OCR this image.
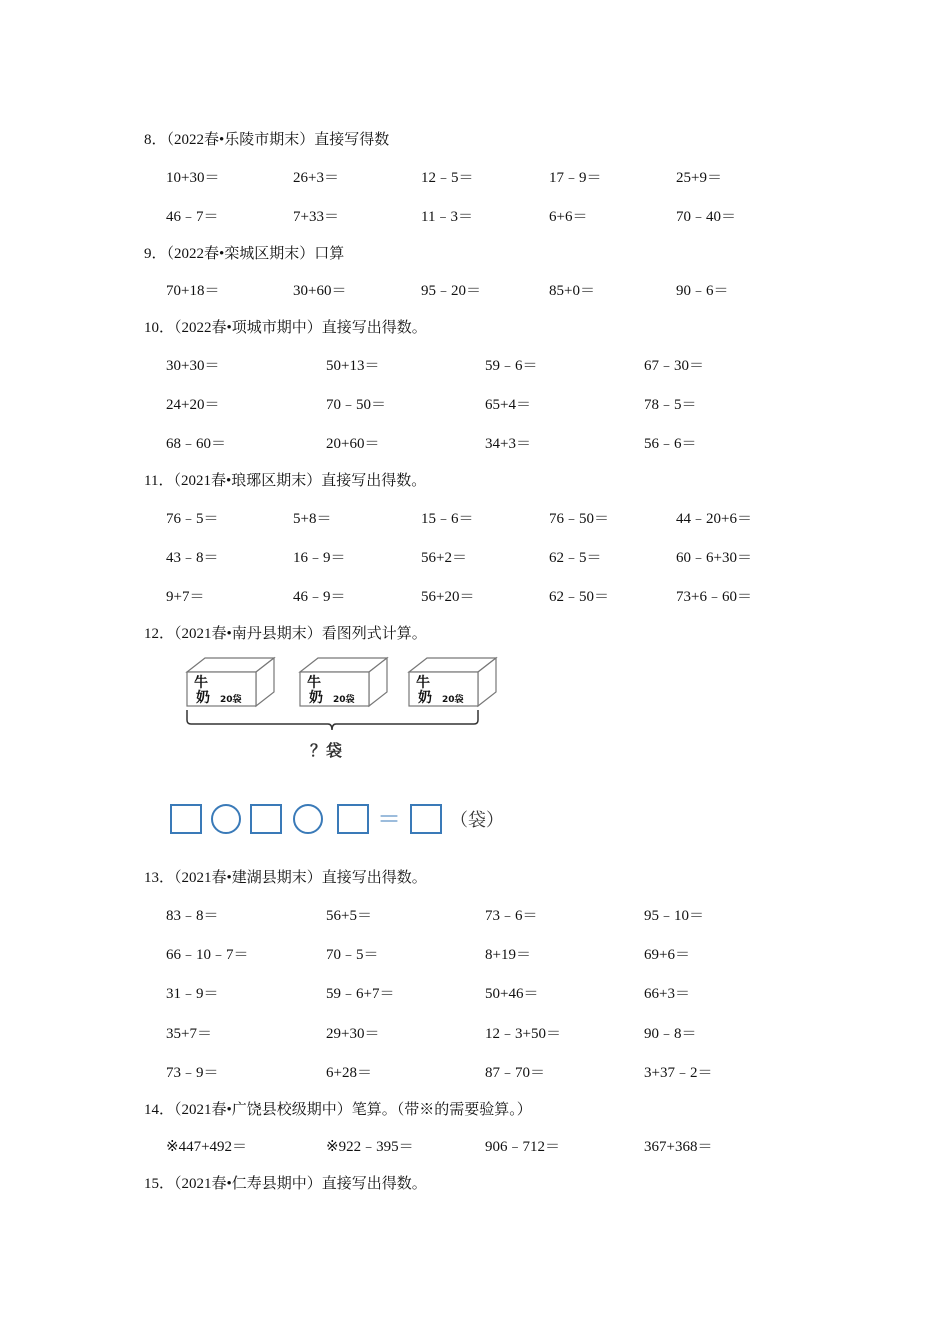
8．（2022春•乐陵市期末）直接写得数
10+30＝	26+3＝	12﹣5＝	17﹣9＝	25+9＝
46﹣7＝	7+33＝	11﹣3＝	6+6＝	70﹣40＝
9．（2022春•栾城区期末）口算
70+18＝	30+60＝	95﹣20＝	85+0＝	90﹣6＝
10．（2022春•项城市期中）直接写出得数。
30+30＝	50+13＝	59﹣6＝	67﹣30＝
24+20＝	70﹣50＝	65+4＝	78﹣5＝
68﹣60＝	20+60＝	34+3＝	56﹣6＝
11．（2021春•琅琊区期末）直接写出得数。
76﹣5＝	5+8＝	15﹣6＝	76﹣50＝	44﹣20+6＝
43﹣8＝	16﹣9＝	56+2＝	62﹣5＝	60﹣6+30＝
9+7＝	46﹣9＝	56+20＝	62﹣50＝	73+6﹣60＝
12．（2021春•南丹县期末）看图列式计算。
牛
奶 20袋
牛
奶 20袋
牛
奶 20袋
？袋
＝	（袋）
13．（2021春•建湖县期末）直接写出得数。
83﹣8＝	56+5＝	73﹣6＝	95﹣10＝
66﹣10﹣7＝	70﹣5＝	8+19＝	69+6＝
31﹣9＝	59﹣6+7＝	50+46＝	66+3＝
35+7＝	29+30＝	12﹣3+50＝	90﹣8＝
73﹣9＝	6+28＝	87﹣70＝	3+37﹣2＝
14．（2021春•广饶县校级期中）笔算。（带※的需要验算。）
※447+492＝	※922﹣395＝	906﹣712＝	367+368＝
15．（2021春•仁寿县期中）直接写出得数。
